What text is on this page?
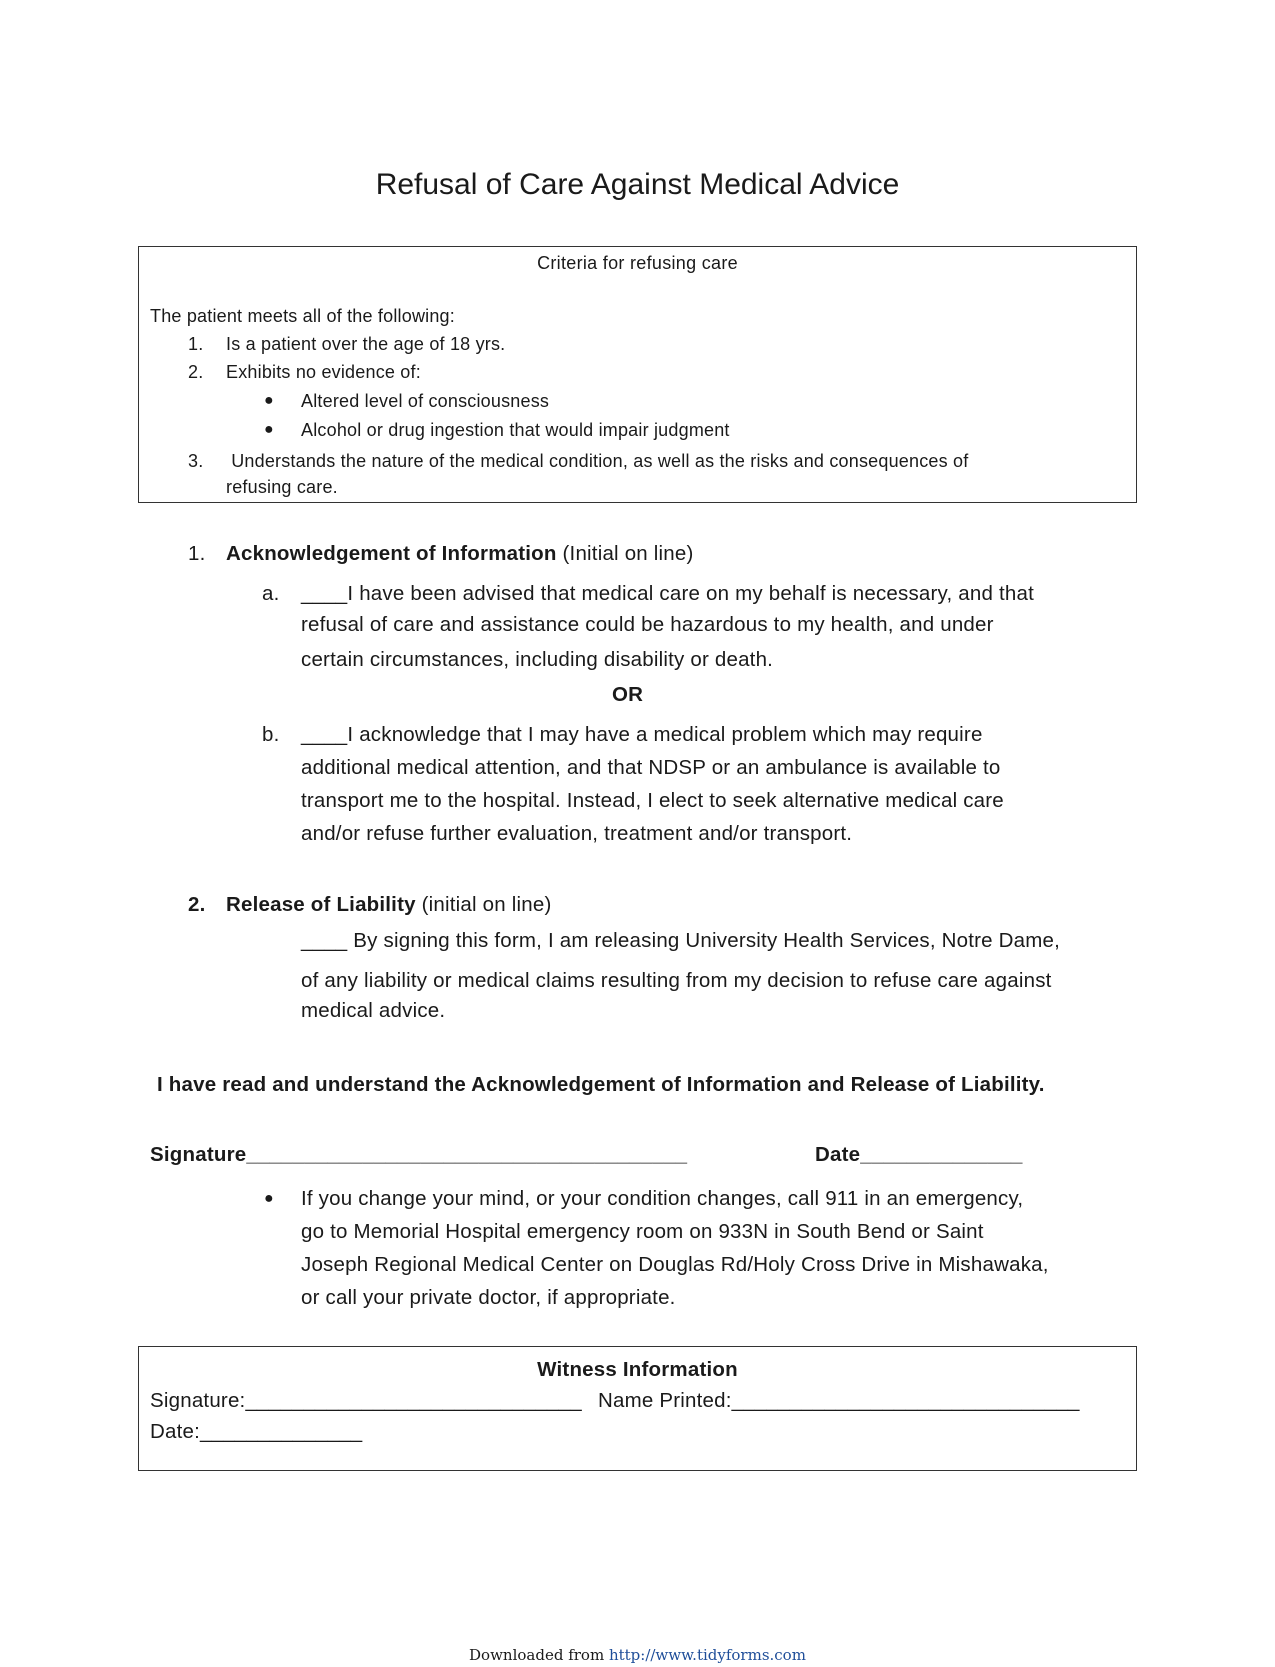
Refusal of Care Against Medical Advice
Criteria for refusing care
The patient meets all of the following:
1. Is a patient over the age of 18 yrs.
2. Exhibits no evidence of:
● Altered level of consciousness
● Alcohol or drug ingestion that would impair judgment
3. Understands the nature of the medical condition, as well as the risks and consequences of
refusing care.
1. Acknowledgement of Information (Initial on line)
a. ____I have been advised that medical care on my behalf is necessary, and that
refusal of care and assistance could be hazardous to my health, and under
certain circumstances, including disability or death.
OR
b. ____I acknowledge that I may have a medical problem which may require
additional medical attention, and that NDSP or an ambulance is available to
transport me to the hospital. Instead, I elect to seek alternative medical care
and/or refuse further evaluation, treatment and/or transport.
2. Release of Liability (initial on line)
____ By signing this form, I am releasing University Health Services, Notre Dame,
of any liability or medical claims resulting from my decision to refuse care against
medical advice.
I have read and understand the Acknowledgement of Information and Release of Liability.
Signature______________________________________	Date______________
● If you change your mind, or your condition changes, call 911 in an emergency,
go to Memorial Hospital emergency room on 933N in South Bend or Saint
Joseph Regional Medical Center on Douglas Rd/Holy Cross Drive in Mishawaka,
or call your private doctor, if appropriate.
Witness Information
Signature:_____________________________ Name Printed:______________________________
Date:______________
Downloaded from http://www.tidyforms.com
